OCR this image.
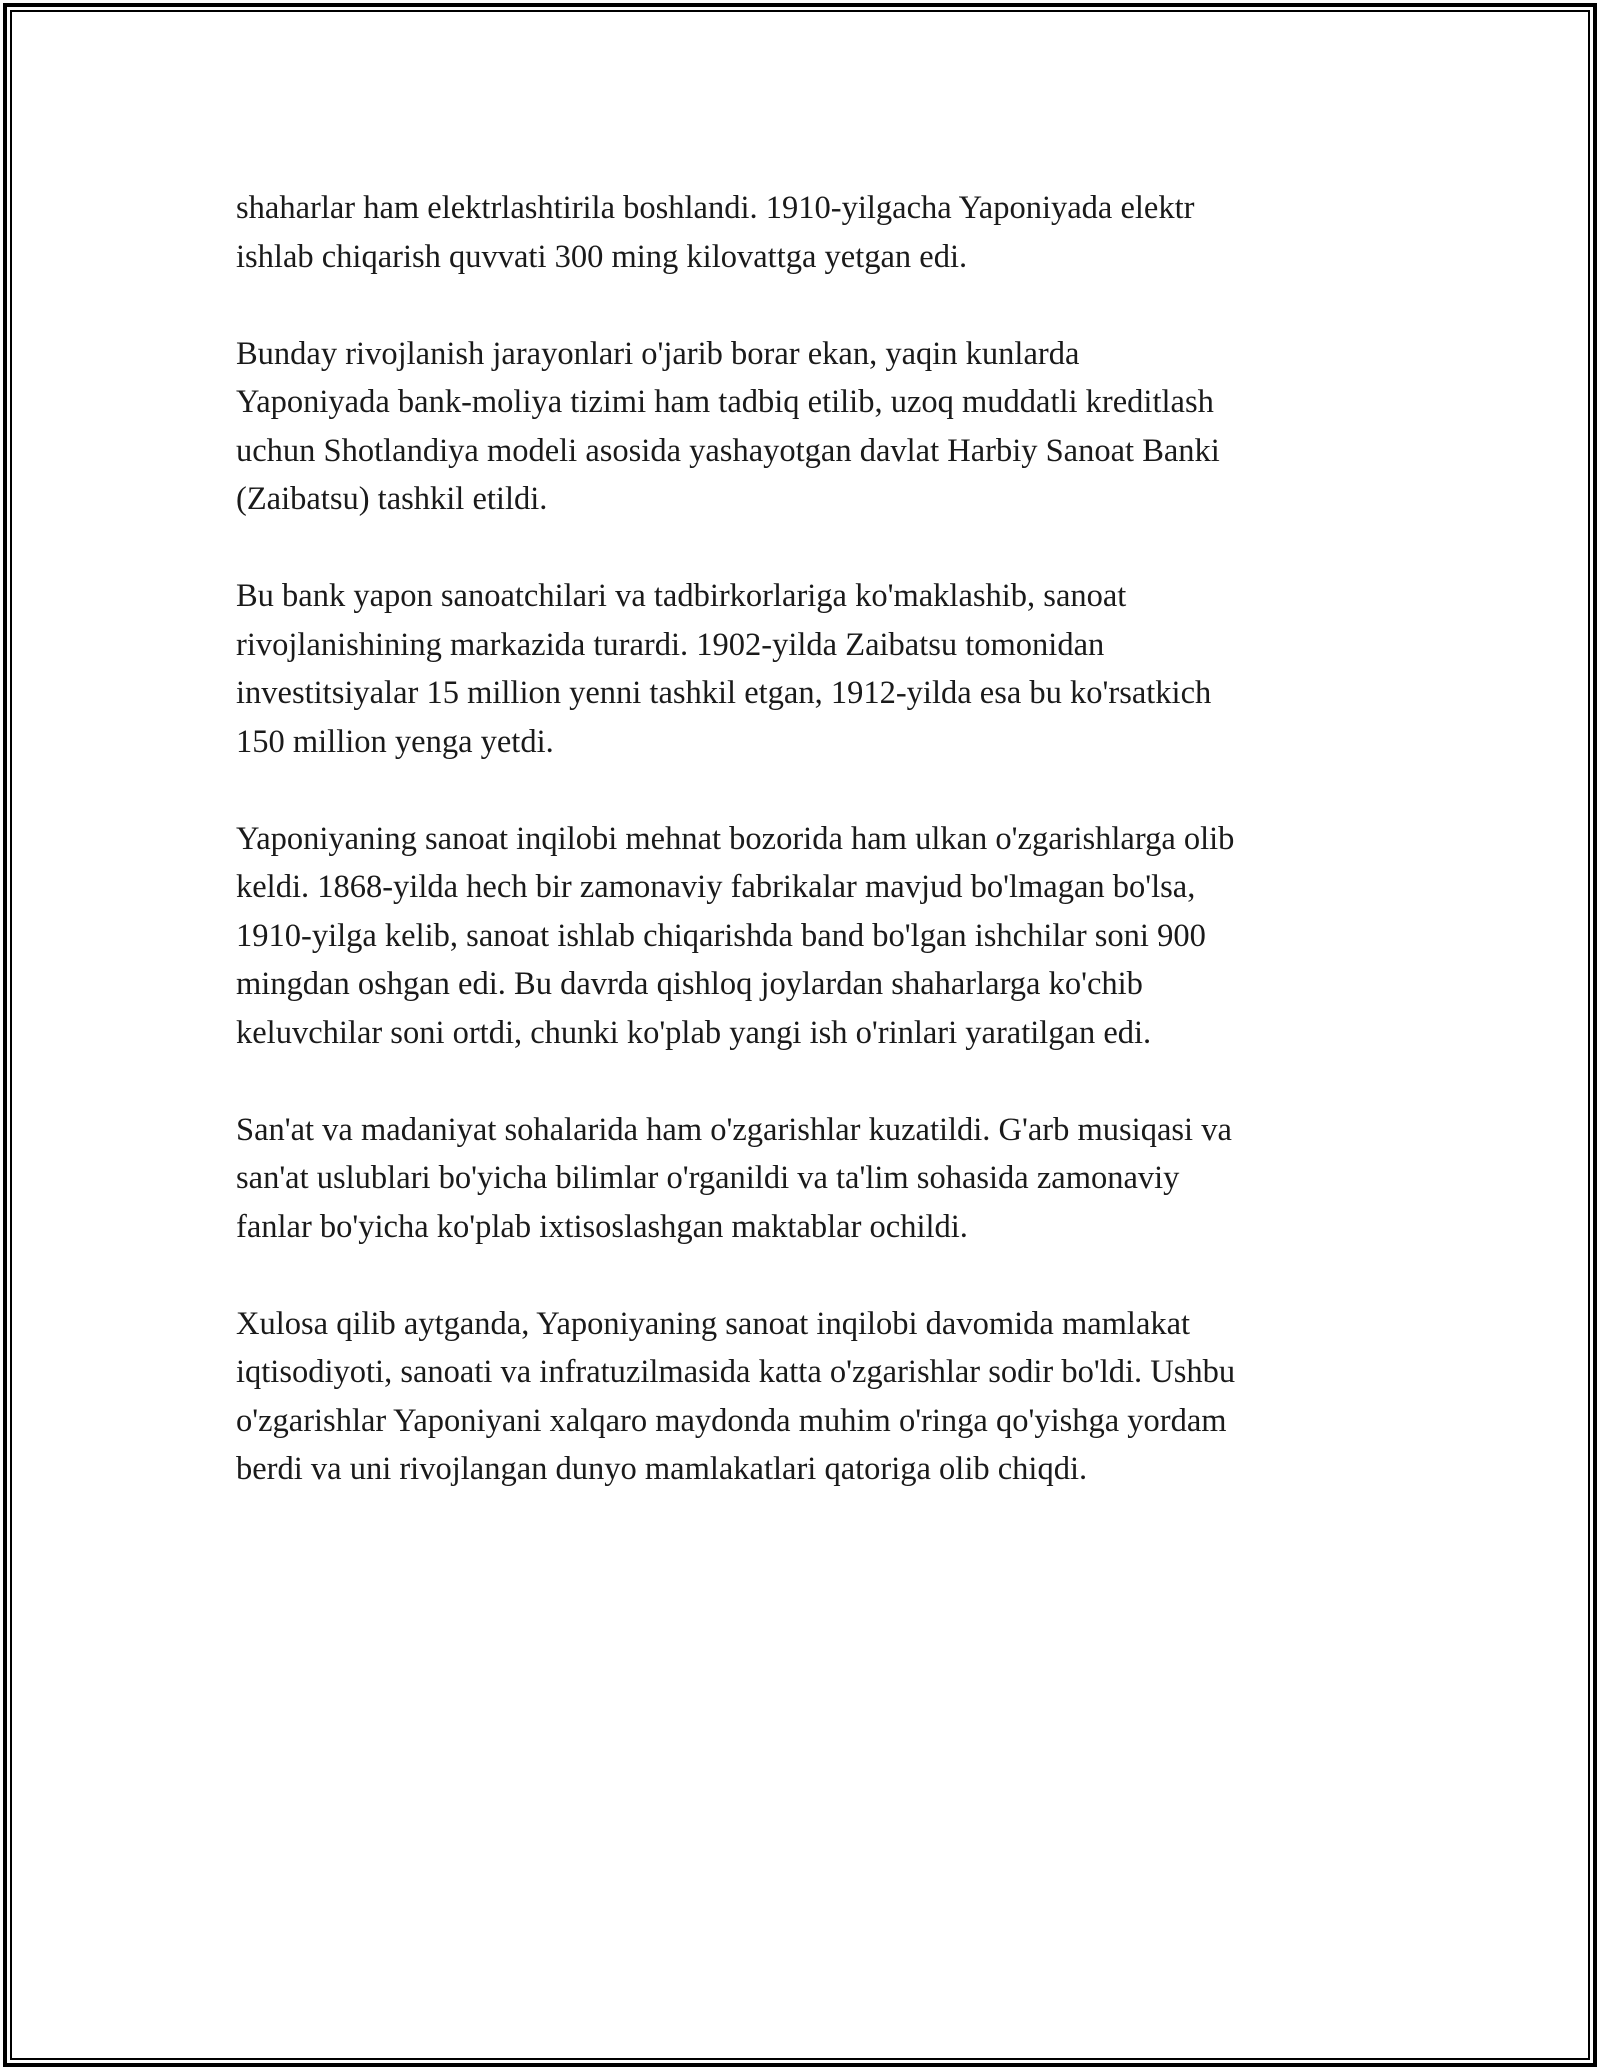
shaharlar ham elektrlashtirila boshlandi. 1910-yilgacha Yaponiyada elektr
ishlab chiqarish quvvati 300 ming kilovattga yetgan edi.

Bunday rivojlanish jarayonlari o'jarib borar ekan, yaqin kunlarda
Yaponiyada bank-moliya tizimi ham tadbiq etilib, uzoq muddatli kreditlash
uchun Shotlandiya modeli asosida yashayotgan davlat Harbiy Sanoat Banki
(Zaibatsu) tashkil etildi.

Bu bank yapon sanoatchilari va tadbirkorlariga ko'maklashib, sanoat
rivojlanishining markazida turardi. 1902-yilda Zaibatsu tomonidan
investitsiyalar 15 million yenni tashkil etgan, 1912-yilda esa bu ko'rsatkich
150 million yenga yetdi.

Yaponiyaning sanoat inqilobi mehnat bozorida ham ulkan o'zgarishlarga olib
keldi. 1868-yilda hech bir zamonaviy fabrikalar mavjud bo'lmagan bo'lsa,
1910-yilga kelib, sanoat ishlab chiqarishda band bo'lgan ishchilar soni 900
mingdan oshgan edi. Bu davrda qishloq joylardan shaharlarga ko'chib
keluvchilar soni ortdi, chunki ko'plab yangi ish o'rinlari yaratilgan edi.

San'at va madaniyat sohalarida ham o'zgarishlar kuzatildi. G'arb musiqasi va
san'at uslublari bo'yicha bilimlar o'rganildi va ta'lim sohasida zamonaviy
fanlar bo'yicha ko'plab ixtisoslashgan maktablar ochildi.

Xulosa qilib aytganda, Yaponiyaning sanoat inqilobi davomida mamlakat
iqtisodiyoti, sanoati va infratuzilmasida katta o'zgarishlar sodir bo'ldi. Ushbu
o'zgarishlar Yaponiyani xalqaro maydonda muhim o'ringa qo'yishga yordam
berdi va uni rivojlangan dunyo mamlakatlari qatoriga olib chiqdi.
